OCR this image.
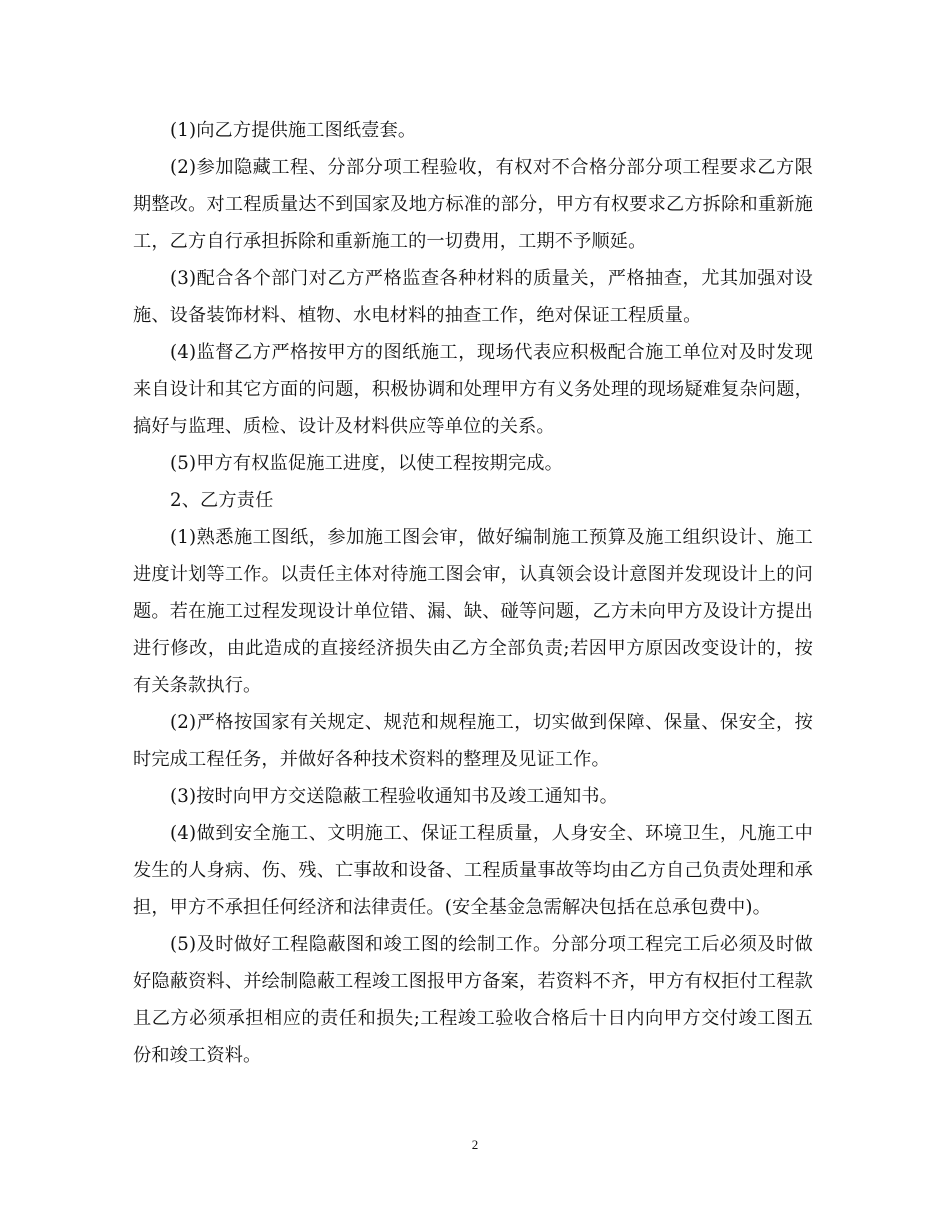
(1)向乙方提供施工图纸壹套。

(2)参加隐藏工程、分部分项工程验收，有权对不合格分部分项工程要求乙方限期整改。对工程质量达不到国家及地方标准的部分，甲方有权要求乙方拆除和重新施工，乙方自行承担拆除和重新施工的一切费用，工期不予顺延。

(3)配合各个部门对乙方严格监查各种材料的质量关，严格抽查，尤其加强对设施、设备装饰材料、植物、水电材料的抽查工作，绝对保证工程质量。

(4)监督乙方严格按甲方的图纸施工，现场代表应积极配合施工单位对及时发现来自设计和其它方面的问题，积极协调和处理甲方有义务处理的现场疑难复杂问题，搞好与监理、质检、设计及材料供应等单位的关系。

(5)甲方有权监促施工进度，以使工程按期完成。

2、乙方责任

(1)熟悉施工图纸，参加施工图会审，做好编制施工预算及施工组织设计、施工进度计划等工作。以责任主体对待施工图会审，认真领会设计意图并发现设计上的问题。若在施工过程发现设计单位错、漏、缺、碰等问题，乙方未向甲方及设计方提出进行修改，由此造成的直接经济损失由乙方全部负责;若因甲方原因改变设计的，按有关条款执行。

(2)严格按国家有关规定、规范和规程施工，切实做到保障、保量、保安全，按时完成工程任务，并做好各种技术资料的整理及见证工作。

(3)按时向甲方交送隐蔽工程验收通知书及竣工通知书。

(4)做到安全施工、文明施工、保证工程质量，人身安全、环境卫生，凡施工中发生的人身病、伤、残、亡事故和设备、工程质量事故等均由乙方自己负责处理和承担，甲方不承担任何经济和法律责任。(安全基金急需解决包括在总承包费中)。

(5)及时做好工程隐蔽图和竣工图的绘制工作。分部分项工程完工后必须及时做好隐蔽资料、并绘制隐蔽工程竣工图报甲方备案，若资料不齐，甲方有权拒付工程款且乙方必须承担相应的责任和损失;工程竣工验收合格后十日内向甲方交付竣工图五份和竣工资料。

2
